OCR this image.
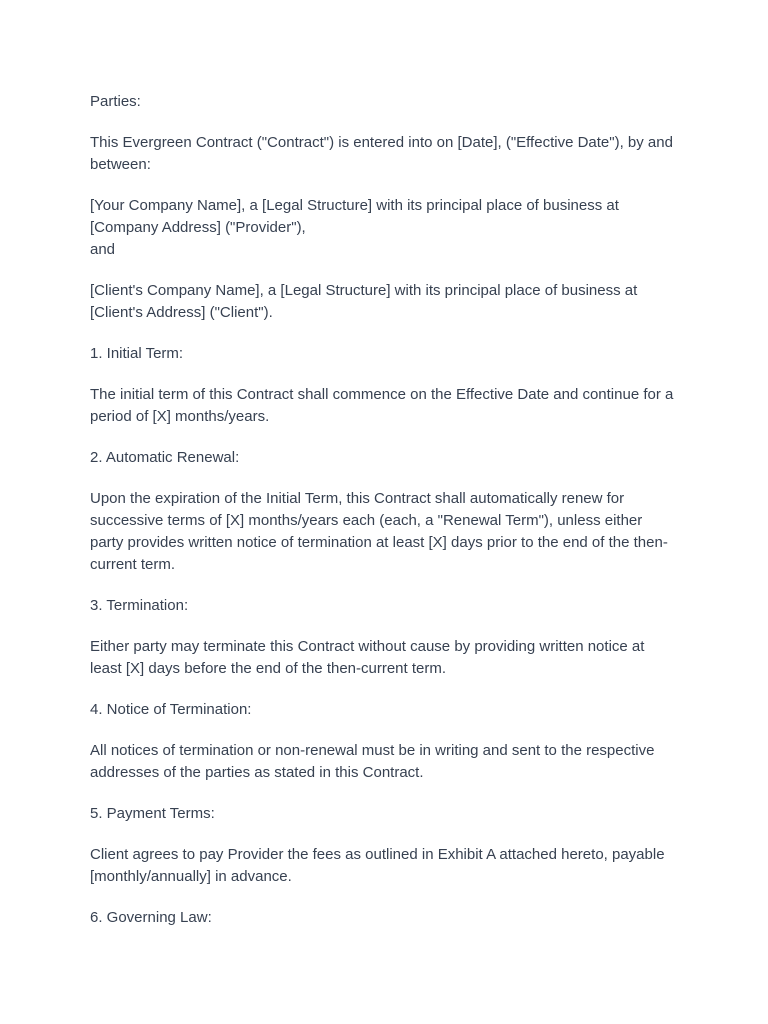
Parties:

This Evergreen Contract ("Contract") is entered into on [Date], ("Effective Date"), by and between:

[Your Company Name], a [Legal Structure] with its principal place of business at [Company Address] ("Provider"),

and

[Client's Company Name], a [Legal Structure] with its principal place of business at [Client's Address] ("Client").

1. Initial Term:

The initial term of this Contract shall commence on the Effective Date and continue for a period of [X] months/years.

2. Automatic Renewal:

Upon the expiration of the Initial Term, this Contract shall automatically renew for successive terms of [X] months/years each (each, a "Renewal Term"), unless either party provides written notice of termination at least [X] days prior to the end of the then-current term.

3. Termination:

Either party may terminate this Contract without cause by providing written notice at least [X] days before the end of the then-current term.

4. Notice of Termination:

All notices of termination or non-renewal must be in writing and sent to the respective addresses of the parties as stated in this Contract.

5. Payment Terms:

Client agrees to pay Provider the fees as outlined in Exhibit A attached hereto, payable [monthly/annually] in advance.

6. Governing Law:
